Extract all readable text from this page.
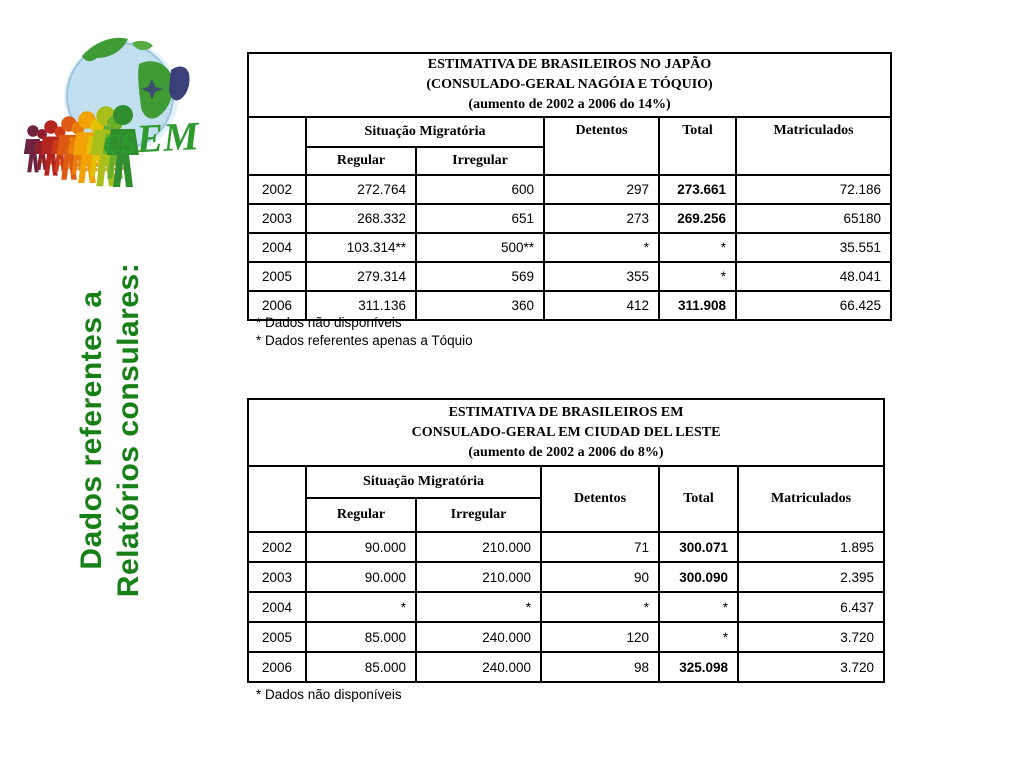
csEM
Dados referentes a Relatórios consulares:
ESTIMATIVA DE BRASILEIROS NO JAPÃO
(CONSULADO-GERAL NAGÓIA E TÓQUIO)
(aumento de 2002 a 2006 do 14%)					

	Situação Migratória		Detentos	Total	Matriculados
	Regular	Irregular			
2002	272.764	600	297	273.661	72.186
2003	268.332	651	273	269.256	65180
2004	103.314**	500**	*	*	35.551
2005	279.314	569	355	*	48.041
2006	311.136	360	412	311.908	66.425
* Dados não disponíveis
* Dados referentes apenas a Tóquio
ESTIMATIVA DE BRASILEIROS EM
CONSULADO-GERAL EM CIUDAD DEL LESTE
(aumento de 2002 a 2006 do 8%)					

	Situação Migratória		Detentos	Total	Matriculados
	Regular	Irregular			
2002	90.000	210.000	71	300.071	1.895
2003	90.000	210.000	90	300.090	2.395
2004	*	*	*	*	6.437
2005	85.000	240.000	120	*	3.720
2006	85.000	240.000	98	325.098	3.720
* Dados não disponíveis
